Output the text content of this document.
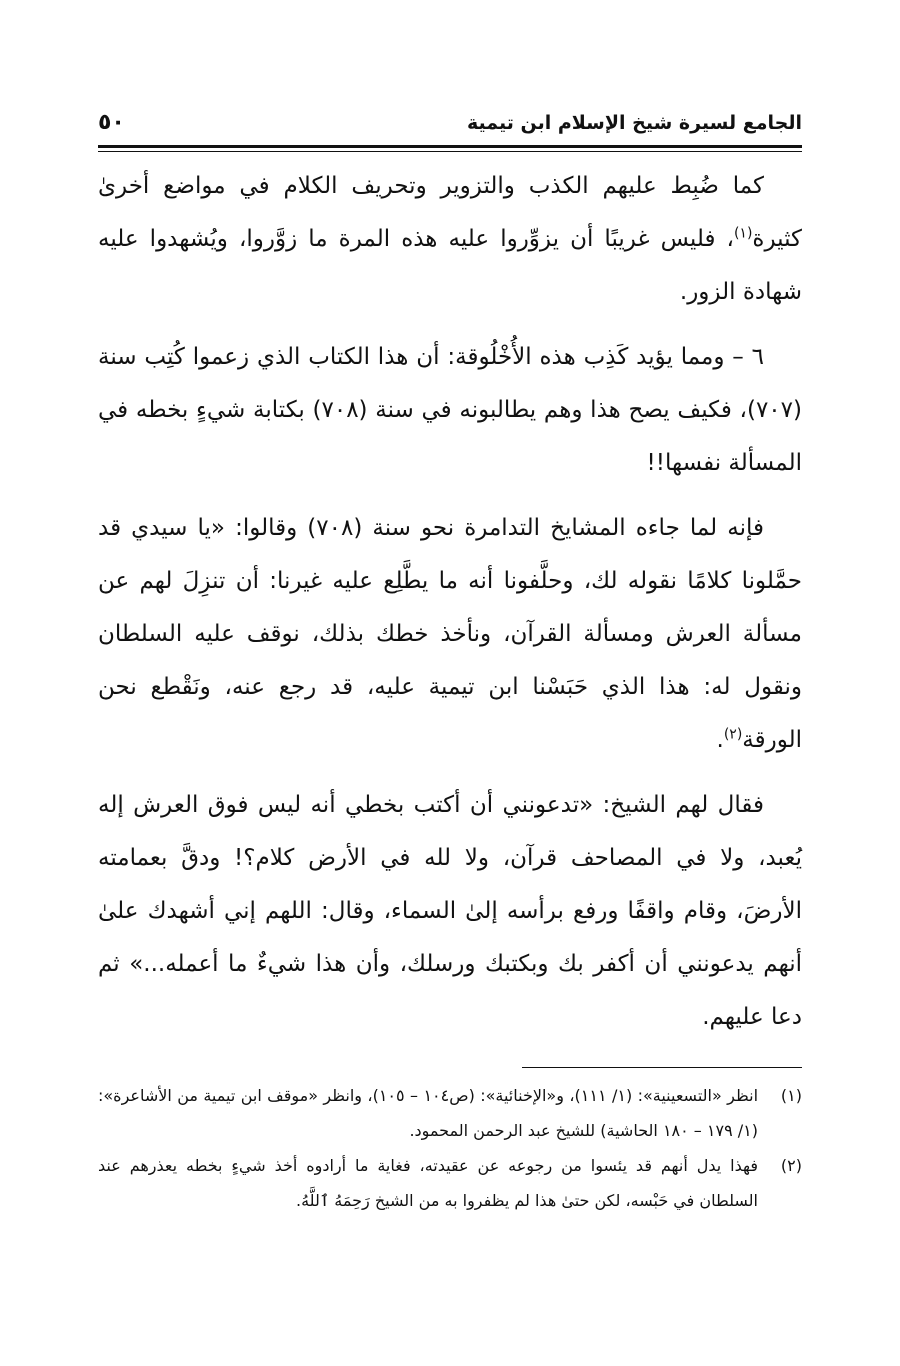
الجامع لسيرة شيخ الإسلام ابن تيمية
٥٠

كما ضُبِط عليهم الكذب والتزوير وتحريف الكلام في مواضع أخرىٰ كثيرة$^{(١)}$، فليس غريبًا أن يزوِّروا عليه هذه المرة ما زوَّروا، ويُشهدوا عليه شهادة الزور.

٦ – ومما يؤيد كَذِب هذه الأُخْلُوقة: أن هذا الكتاب الذي زعموا كُتِب سنة (٧٠٧)، فكيف يصح هذا وهم يطالبونه في سنة (٧٠٨) بكتابة شيءٍ بخطه في المسألة نفسها!!

فإنه لما جاءه المشايخ التدامرة نحو سنة (٧٠٨) وقالوا: «يا سيدي قد حمَّلونا كلامًا نقوله لك، وحلَّفونا أنه ما يطَّلِع عليه غيرنا: أن تنزِلَ لهم عن مسألة العرش ومسألة القرآن، ونأخذ خطك بذلك، نوقف عليه السلطان ونقول له: هذا الذي حَبَسْنا ابن تيمية عليه، قد رجع عنه، ونَقْطع نحن الورقة$^{(٢)}$.

فقال لهم الشيخ: «تدعونني أن أكتب بخطي أنه ليس فوق العرش إله يُعبد، ولا في المصاحف قرآن، ولا لله في الأرض كلام؟! ودقَّ بعمامته الأرضَ، وقام واقفًا ورفع برأسه إلىٰ السماء، وقال: اللهم إني أشهدك علىٰ أنهم يدعونني أن أكفر بك وبكتبك ورسلك، وأن هذا شيءٌ ما أعمله...» ثم دعا عليهم.

(١)
انظر «التسعينية»: (١/ ١١١)، و«الإخنائية»: (ص١٠٤ – ١٠٥)، وانظر «موقف ابن تيمية من الأشاعرة»: (١/ ١٧٩ – ١٨٠ الحاشية) للشيخ عبد الرحمن المحمود.
(٢)
فهذا يدل أنهم قد يئسوا من رجوعه عن عقيدته، فغاية ما أرادوه أخذ شيءٍ بخطه يعذرهم عند السلطان في حَبْسه، لكن حتىٰ هذا لم يظفروا به من الشيخ رَحِمَهُ ٱللَّهُ.
